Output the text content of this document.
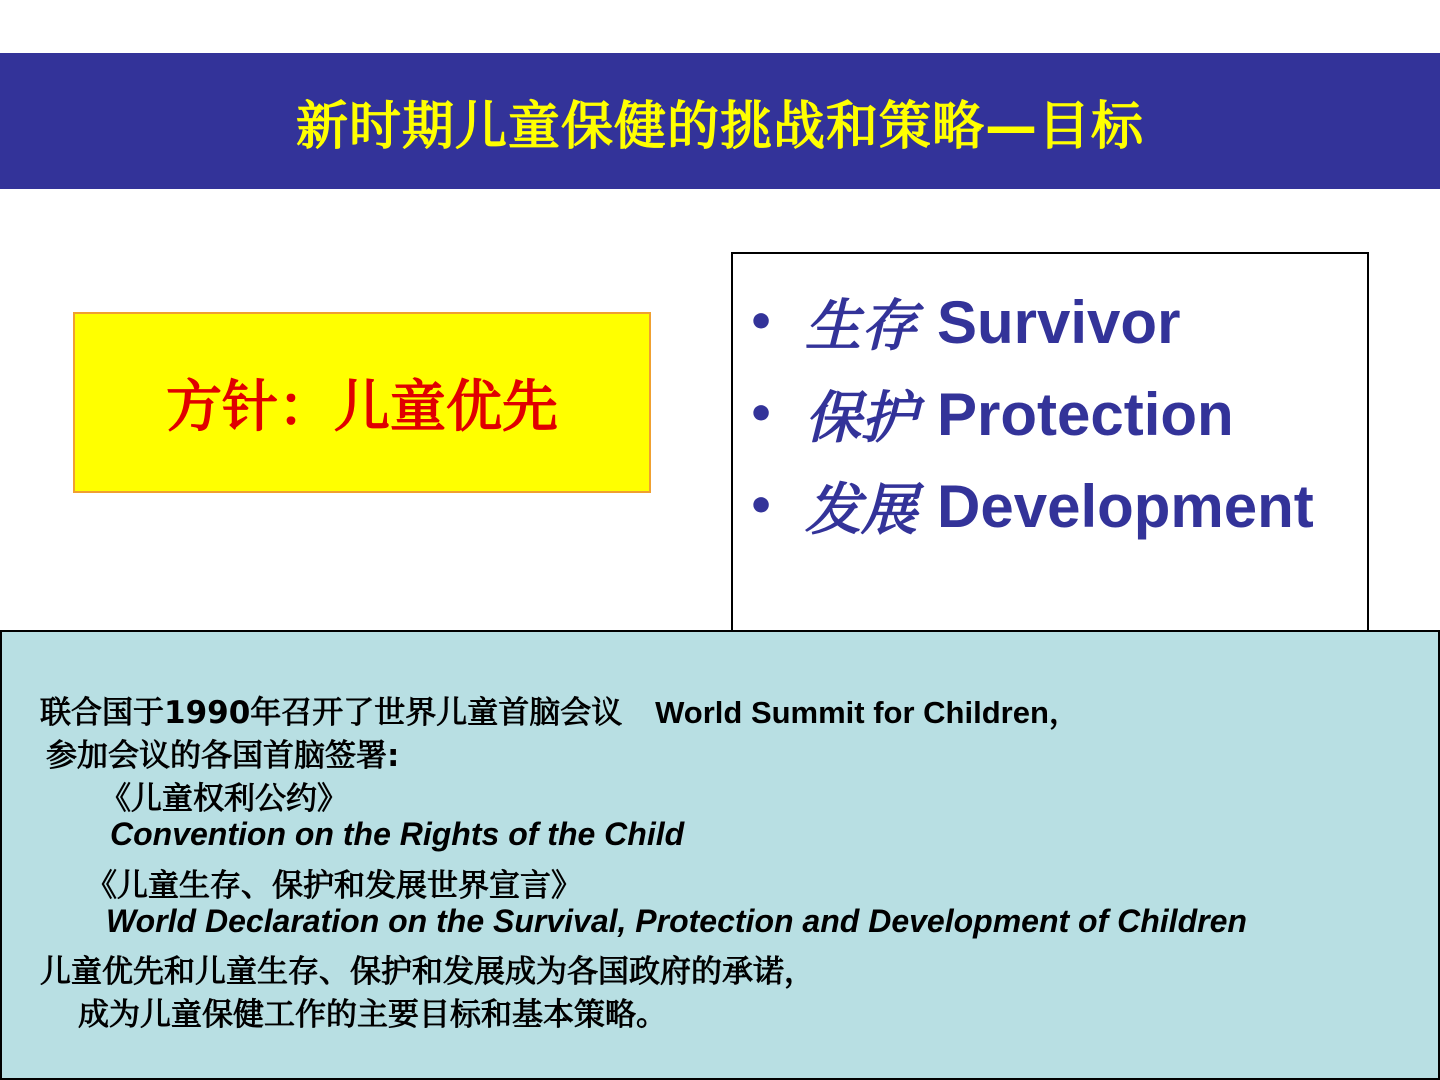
新时期儿童保健的挑战和策略—目标
方针：儿童优先
• 生存 Survivor
• 保护 Protection
• 发展 Development
联合国于1990年召开了世界儿童首脑会议 World Summit for Children，
参加会议的各国首脑签署:
《儿童权利公约》
Convention on the Rights of the Child
《儿童生存、保护和发展世界宣言》
World Declaration on the Survival, Protection and Development of Children
儿童优先和儿童生存、保护和发展成为各国政府的承诺，
成为儿童保健工作的主要目标和基本策略。
